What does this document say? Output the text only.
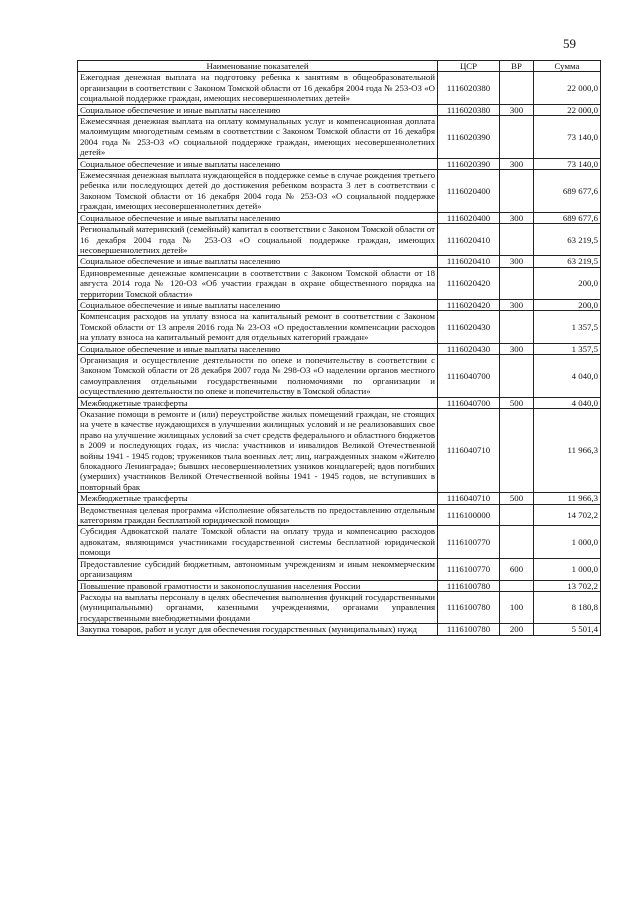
59
Наименование показателей	ЦСР	ВР	Сумма
Ежегодная денежная выплата на подготовку ребенка к занятиям в общеобразовательной организации в соответствии с Законом Томской области от 16 декабря 2004 года № 253-ОЗ «О социальной поддержке граждан, имеющих несовершеннолетних детей»	1116020380		22 000,0
Социальное обеспечение и иные выплаты населению	1116020380	300	22 000,0
Ежемесячная денежная выплата на оплату коммунальных услуг и компенсационная доплата малоимущим многодетным семьям в соответствии с Законом Томской области от 16 декабря 2004 года № 253-ОЗ «О социальной поддержке граждан, имеющих несовершеннолетних детей»	1116020390		73 140,0
Социальное обеспечение и иные выплаты населению	1116020390	300	73 140,0
Ежемесячная денежная выплата нуждающейся в поддержке семье в случае рождения третьего ребенка или последующих детей до достижения ребенком возраста 3 лет в соответствии с Законом Томской области от 16 декабря 2004 года № 253-ОЗ «О социальной поддержке граждан, имеющих несовершеннолетних детей»	1116020400		689 677,6
Социальное обеспечение и иные выплаты населению	1116020400	300	689 677,6
Региональный материнский (семейный) капитал в соответствии с Законом Томской области от 16 декабря 2004 года № 253-ОЗ «О социальной поддержке граждан, имеющих несовершеннолетних детей»	1116020410		63 219,5
Социальное обеспечение и иные выплаты населению	1116020410	300	63 219,5
Единовременные денежные компенсации в соответствии с Законом Томской области от 18 августа 2014 года № 120-ОЗ «Об участии граждан в охране общественного порядка на территории Томской области»	1116020420		200,0
Социальное обеспечение и иные выплаты населению	1116020420	300	200,0
Компенсация расходов на уплату взноса на капитальный ремонт в соответствии с Законом Томской области от 13 апреля 2016 года № 23-ОЗ «О предоставлении компенсации расходов на уплату взноса на капитальный ремонт для отдельных категорий граждан»	1116020430		1 357,5
Социальное обеспечение и иные выплаты населению	1116020430	300	1 357,5
Организация и осуществление деятельности по опеке и попечительству в соответствии с Законом Томской области от 28 декабря 2007 года № 298-ОЗ «О наделении органов местного самоуправления отдельными государственными полномочиями по организации и осуществлению деятельности по опеке и попечительству в Томской области»	1116040700		4 040,0
Межбюджетные трансферты	1116040700	500	4 040,0
Оказание помощи в ремонте и (или) переустройстве жилых помещений граждан, не стоящих на учете в качестве нуждающихся в улучшении жилищных условий и не реализовавших свое право на улучшение жилищных условий за счет средств федерального и областного бюджетов в 2009 и последующих годах, из числа: участников и инвалидов Великой Отечественной войны 1941 - 1945 годов; тружеников тыла военных лет; лиц, награжденных знаком «Жителю блокадного Ленинграда»; бывших несовершеннолетних узников концлагерей; вдов погибших (умерших) участников Великой Отечественной войны 1941 - 1945 годов, не вступивших в повторный брак	1116040710		11 966,3
Межбюджетные трансферты	1116040710	500	11 966,3
Ведомственная целевая программа «Исполнение обязательств по предоставлению отдельным категориям граждан бесплатной юридической помощи»	1116100000		14 702,2
Субсидия Адвокатской палате Томской области на оплату труда и компенсацию расходов адвокатам, являющимся участниками государственной системы бесплатной юридической помощи	1116100770		1 000,0
Предоставление субсидий бюджетным, автономным учреждениям и иным некоммерческим организациям	1116100770	600	1 000,0
Повышение правовой грамотности и законопослушания населения России	1116100780		13 702,2
Расходы на выплаты персоналу в целях обеспечения выполнения функций государственными (муниципальными) органами, казенными учреждениями, органами управления государственными внебюджетными фондами	1116100780	100	8 180,8
Закупка товаров, работ и услуг для обеспечения государственных (муниципальных) нужд	1116100780	200	5 501,4
